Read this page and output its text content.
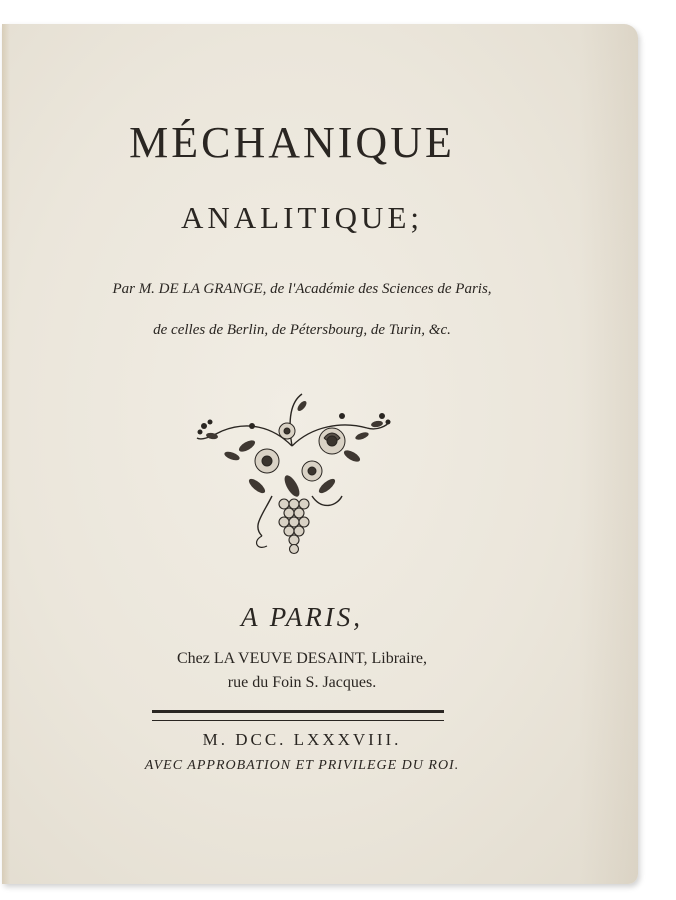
MÉCHANIQUE
ANALITIQUE;
Par M. DE LA GRANGE, de l'Académie des Sciences de Paris,
de celles de Berlin, de Pétersbourg, de Turin, &c.
A PARIS,
Chez LA VEUVE DESAINT, Libraire,
rue du Foin S. Jacques.
M. DCC. LXXXVIII.
AVEC APPROBATION ET PRIVILEGE DU ROI.
